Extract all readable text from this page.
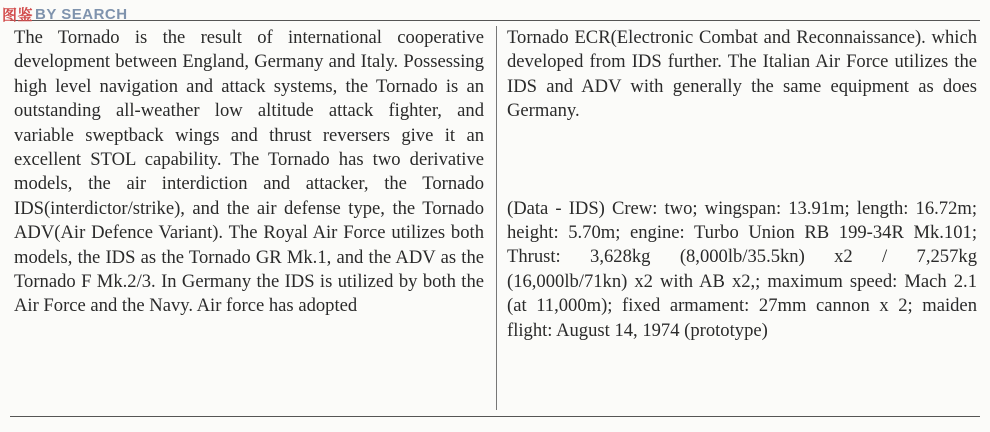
图鉴 BY SEARCH

The Tornado is the result of international cooperative development between England, Germany and Italy. Possessing high level navigation and attack systems, the Tornado is an outstanding all-weather low altitude attack fighter, and variable sweptback wings and thrust reversers give it an excellent STOL capability. The Tornado has two derivative models, the air interdiction and attacker, the Tornado IDS(interdictor/strike), and the air defense type, the Tornado ADV(Air Defence Variant). The Royal Air Force utilizes both models, the IDS as the Tornado GR Mk.1, and the ADV as the Tornado F Mk.2/3. In Germany the IDS is utilized by both the Air Force and the Navy. Air force has adopted

Tornado ECR(Electronic Combat and Reconnaissance). which developed from IDS further. The Italian Air Force utilizes the IDS and ADV with generally the same equipment as does Germany.

(Data - IDS) Crew: two; wingspan: 13.91m; length: 16.72m; height: 5.70m; engine: Turbo Union RB 199-34R Mk.101; Thrust: 3,628kg (8,000lb/35.5kn) x2 / 7,257kg (16,000lb/71kn) x2 with AB x2,; maximum speed: Mach 2.1 (at 11,000m); fixed armament: 27mm cannon x 2; maiden flight: August 14, 1974 (prototype)
